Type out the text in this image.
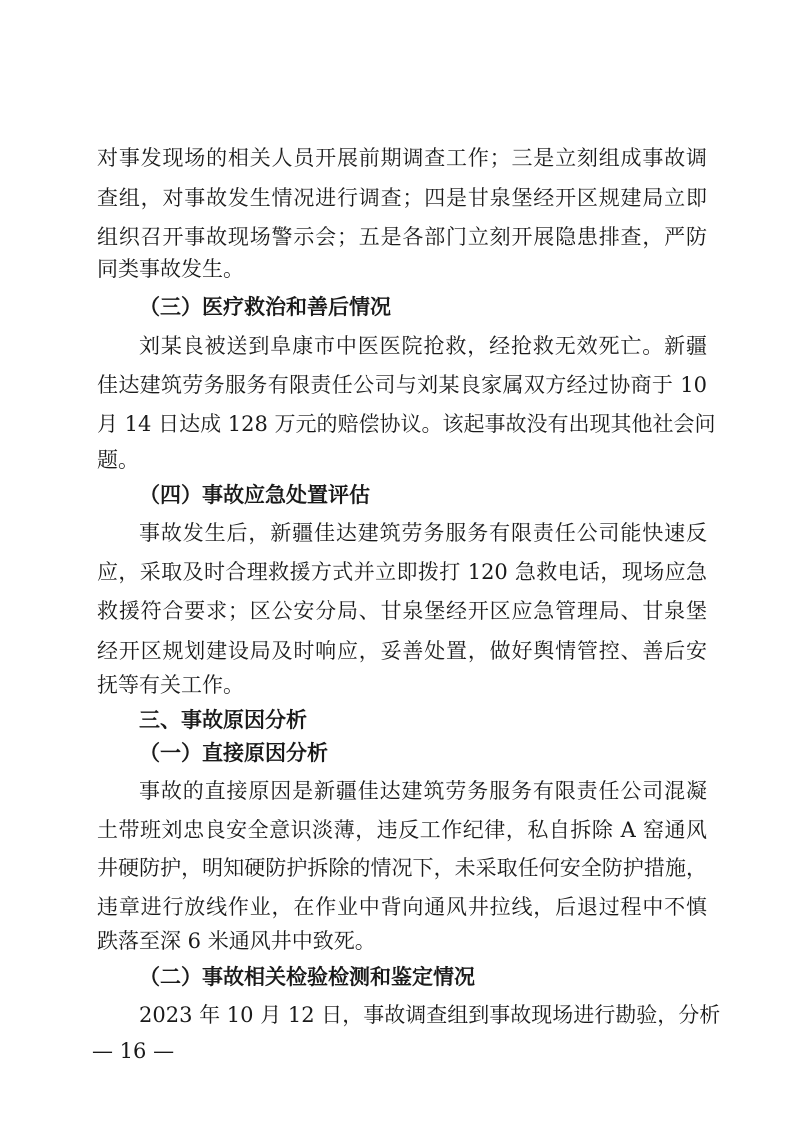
对事发现场的相关人员开展前期调查工作；三是立刻组成事故调
查组，对事故发生情况进行调查；四是甘泉堡经开区规建局立即
组织召开事故现场警示会；五是各部门立刻开展隐患排查，严防
同类事故发生。
（三）医疗救治和善后情况
刘某良被送到阜康市中医医院抢救，经抢救无效死亡。新疆
佳达建筑劳务服务有限责任公司与刘某良家属双方经过协商于 10
月 14 日达成 128 万元的赔偿协议。该起事故没有出现其他社会问
题。
（四）事故应急处置评估
事故发生后，新疆佳达建筑劳务服务有限责任公司能快速反
应，采取及时合理救援方式并立即拨打 120 急救电话，现场应急
救援符合要求；区公安分局、甘泉堡经开区应急管理局、甘泉堡
经开区规划建设局及时响应，妥善处置，做好舆情管控、善后安
抚等有关工作。
三、事故原因分析
（一）直接原因分析
事故的直接原因是新疆佳达建筑劳务服务有限责任公司混凝
土带班刘忠良安全意识淡薄，违反工作纪律，私自拆除 A 窑通风
井硬防护，明知硬防护拆除的情况下，未采取任何安全防护措施，
违章进行放线作业，在作业中背向通风井拉线，后退过程中不慎
跌落至深 6 米通风井中致死。
（二）事故相关检验检测和鉴定情况
2023 年 10 月 12 日，事故调查组到事故现场进行勘验，分析
— 16 —
